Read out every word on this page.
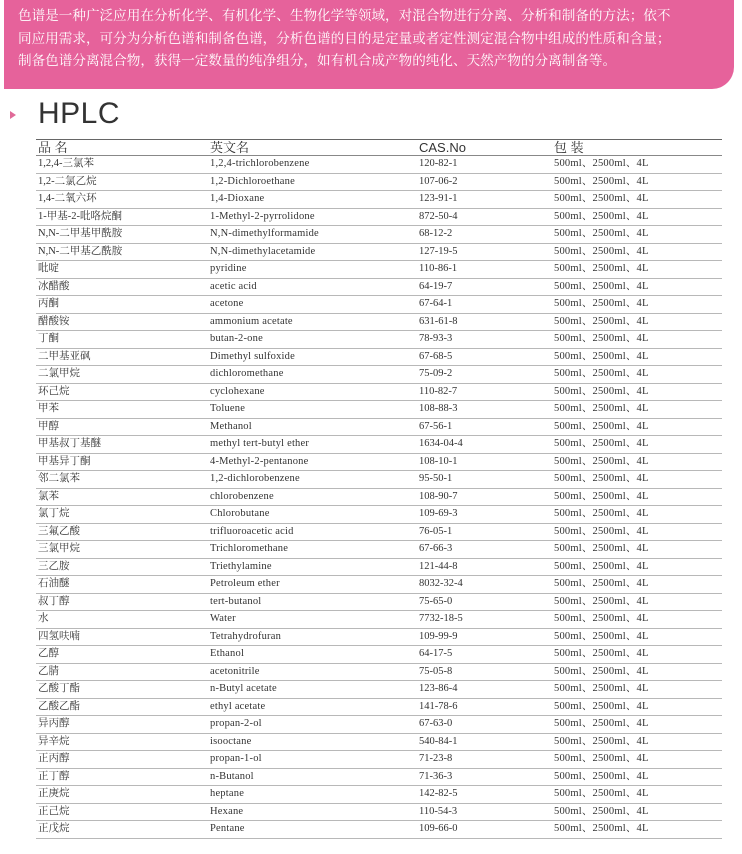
色谱是一种广泛应用在分析化学、有机化学、生物化学等领域，对混合物进行分离、分析和制备的方法；依不

同应用需求，可分为分析色谱和制备色谱，分析色谱的目的是定量或者定性测定混合物中组成的性质和含量；

制备色谱分离混合物，获得一定数量的纯净组分，如有机合成产物的纯化、天然产物的分离制备等。

HPLC
品 名	英文名	CAS.No	包 装
1,2,4-三氯苯	1,2,4-trichlorobenzene	120-82-1	500ml、2500ml、4L
1,2-二氯乙烷	1,2-Dichloroethane	107-06-2	500ml、2500ml、4L
1,4-二氧六环	1,4-Dioxane	123-91-1	500ml、2500ml、4L
1-甲基-2-吡咯烷酮	1-Methyl-2-pyrrolidone	872-50-4	500ml、2500ml、4L
N,N-二甲基甲酰胺	N,N-dimethylformamide	68-12-2	500ml、2500ml、4L
N,N-二甲基乙酰胺	N,N-dimethylacetamide	127-19-5	500ml、2500ml、4L
吡啶	pyridine	110-86-1	500ml、2500ml、4L
冰醋酸	acetic acid	64-19-7	500ml、2500ml、4L
丙酮	acetone	67-64-1	500ml、2500ml、4L
醋酸铵	ammonium acetate	631-61-8	500ml、2500ml、4L
丁酮	butan-2-one	78-93-3	500ml、2500ml、4L
二甲基亚砜	Dimethyl sulfoxide	67-68-5	500ml、2500ml、4L
二氯甲烷	dichloromethane	75-09-2	500ml、2500ml、4L
环己烷	cyclohexane	110-82-7	500ml、2500ml、4L
甲苯	Toluene	108-88-3	500ml、2500ml、4L
甲醇	Methanol	67-56-1	500ml、2500ml、4L
甲基叔丁基醚	methyl tert-butyl ether	1634-04-4	500ml、2500ml、4L
甲基异丁酮	4-Methyl-2-pentanone	108-10-1	500ml、2500ml、4L
邻二氯苯	1,2-dichlorobenzene	95-50-1	500ml、2500ml、4L
氯苯	chlorobenzene	108-90-7	500ml、2500ml、4L
氯丁烷	Chlorobutane	109-69-3	500ml、2500ml、4L
三氟乙酸	trifluoroacetic acid	76-05-1	500ml、2500ml、4L
三氯甲烷	Trichloromethane	67-66-3	500ml、2500ml、4L
三乙胺	Triethylamine	121-44-8	500ml、2500ml、4L
石油醚	Petroleum ether	8032-32-4	500ml、2500ml、4L
叔丁醇	tert-butanol	75-65-0	500ml、2500ml、4L
水	Water	7732-18-5	500ml、2500ml、4L
四氢呋喃	Tetrahydrofuran	109-99-9	500ml、2500ml、4L
乙醇	Ethanol	64-17-5	500ml、2500ml、4L
乙腈	acetonitrile	75-05-8	500ml、2500ml、4L
乙酸丁酯	n-Butyl acetate	123-86-4	500ml、2500ml、4L
乙酸乙酯	ethyl acetate	141-78-6	500ml、2500ml、4L
异丙醇	propan-2-ol	67-63-0	500ml、2500ml、4L
异辛烷	isooctane	540-84-1	500ml、2500ml、4L
正丙醇	propan-1-ol	71-23-8	500ml、2500ml、4L
正丁醇	n-Butanol	71-36-3	500ml、2500ml、4L
正庚烷	heptane	142-82-5	500ml、2500ml、4L
正己烷	Hexane	110-54-3	500ml、2500ml、4L
正戊烷	Pentane	109-66-0	500ml、2500ml、4L
